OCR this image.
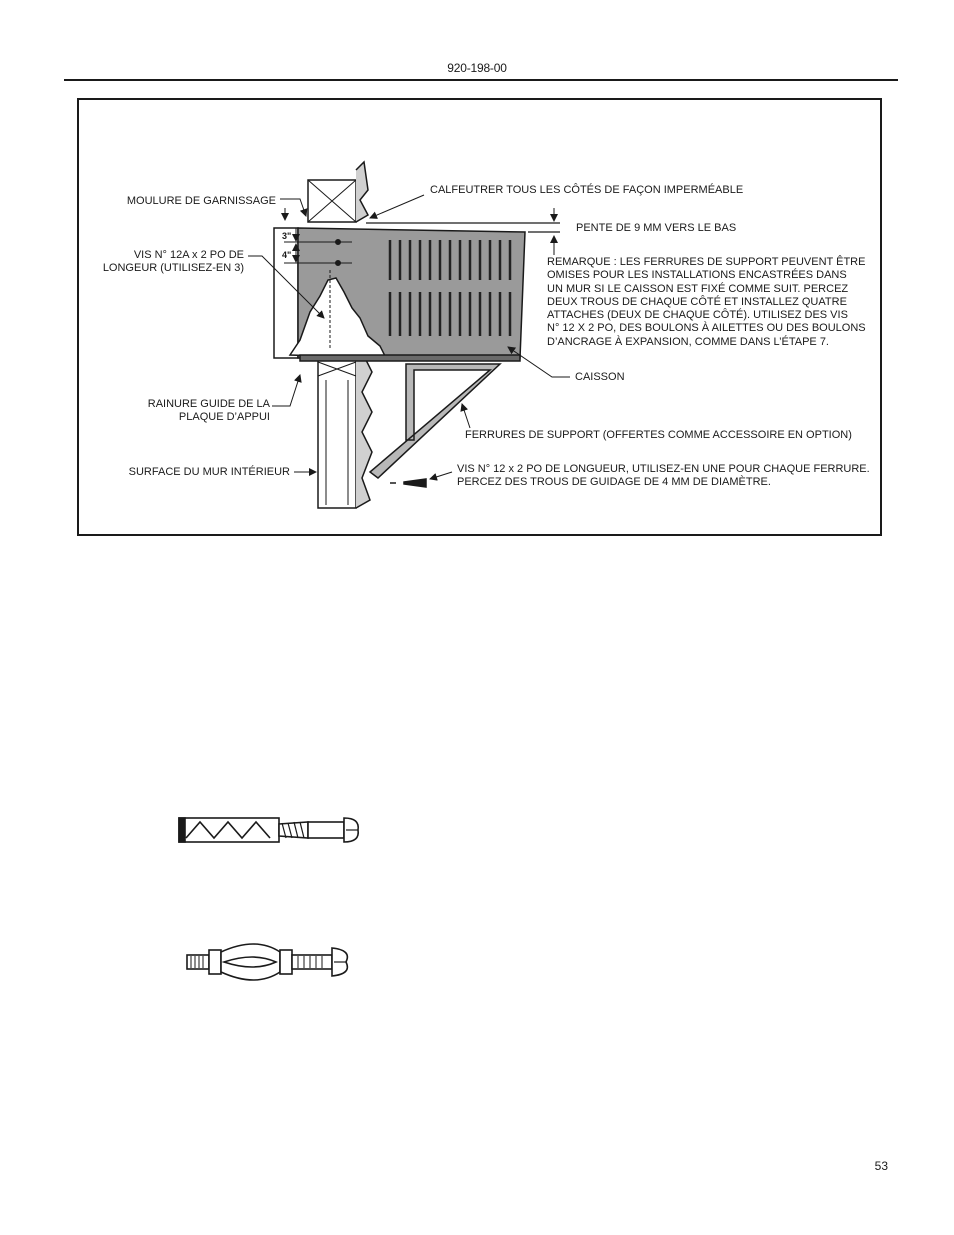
920-198-00
MOULURE DE GARNISSAGE
CALFEUTRER TOUS LES CÔTÉS DE FAÇON IMPERMÉABLE
PENTE DE 9 MM VERS LE BAS
VIS N° 12A x 2 PO DE
LONGEUR (UTILISEZ-EN 3)
3"
4"
REMARQUE : LES FERRURES DE SUPPORT PEUVENT ÊTRE
OMISES POUR LES INSTALLATIONS ENCASTRÉES DANS
UN MUR SI LE CAISSON EST FIXÉ COMME SUIT. PERCEZ
DEUX TROUS DE CHAQUE CÔTÉ ET INSTALLEZ QUATRE
ATTACHES (DEUX DE CHAQUE CÔTÉ). UTILISEZ DES VIS
N° 12 X 2 PO, DES BOULONS À AILETTES OU DES BOULONS
D’ANCRAGE À EXPANSION, COMME DANS L’ÉTAPE 7.
CAISSON
RAINURE GUIDE DE LA
PLAQUE D’APPUI
FERRURES DE SUPPORT (OFFERTES COMME ACCESSOIRE EN OPTION)
SURFACE DU MUR INTÉRIEUR	VIS N° 12 x 2 PO DE LONGUEUR, UTILISEZ-EN UNE POUR CHAQUE FERRURE.
PERCEZ DES TROUS DE GUIDAGE DE 4 MM DE DIAMÈTRE.
53
